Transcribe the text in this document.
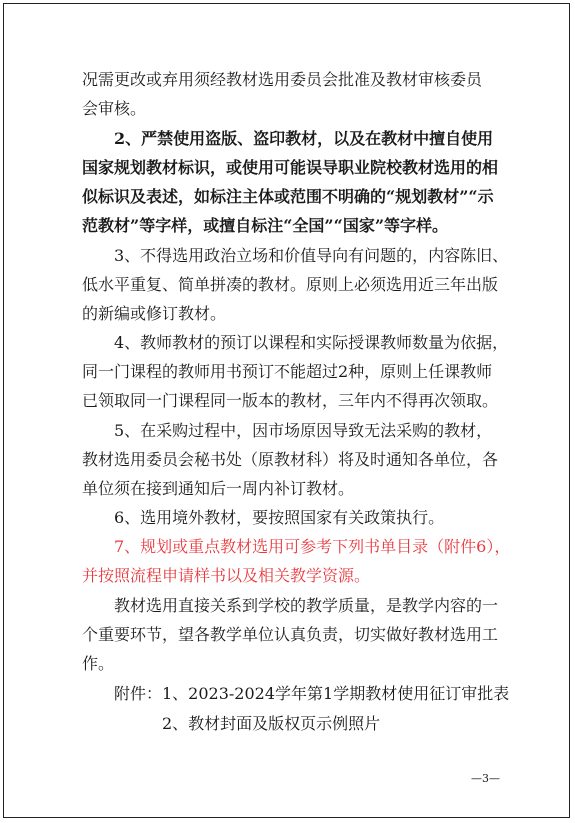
况需更改或弃用须经教材选用委员会批准及教材审核委员
会审核。
2、严禁使用盗版、盗印教材，以及在教材中擅自使用
国家规划教材标识，或使用可能误导职业院校教材选用的相
似标识及表述，如标注主体或范围不明确的“规划教材”“示
范教材”等字样，或擅自标注“全国”“国家”等字样。
3、不得选用政治立场和价值导向有问题的，内容陈旧、
低水平重复、简单拼凑的教材。原则上必须选用近三年出版
的新编或修订教材。
4、教师教材的预订以课程和实际授课教师数量为依据，
同一门课程的教师用书预订不能超过2种，原则上任课教师
已领取同一门课程同一版本的教材，三年内不得再次领取。
5、在采购过程中，因市场原因导致无法采购的教材，
教材选用委员会秘书处（原教材科）将及时通知各单位，各
单位须在接到通知后一周内补订教材。
6、选用境外教材，要按照国家有关政策执行。
7、规划或重点教材选用可参考下列书单目录（附件6），
并按照流程申请样书以及相关教学资源。
教材选用直接关系到学校的教学质量，是教学内容的一
个重要环节，望各教学单位认真负责，切实做好教材选用工
作。
附件：1、2023-2024学年第1学期教材使用征订审批表
2、教材封面及版权页示例照片
—3—
